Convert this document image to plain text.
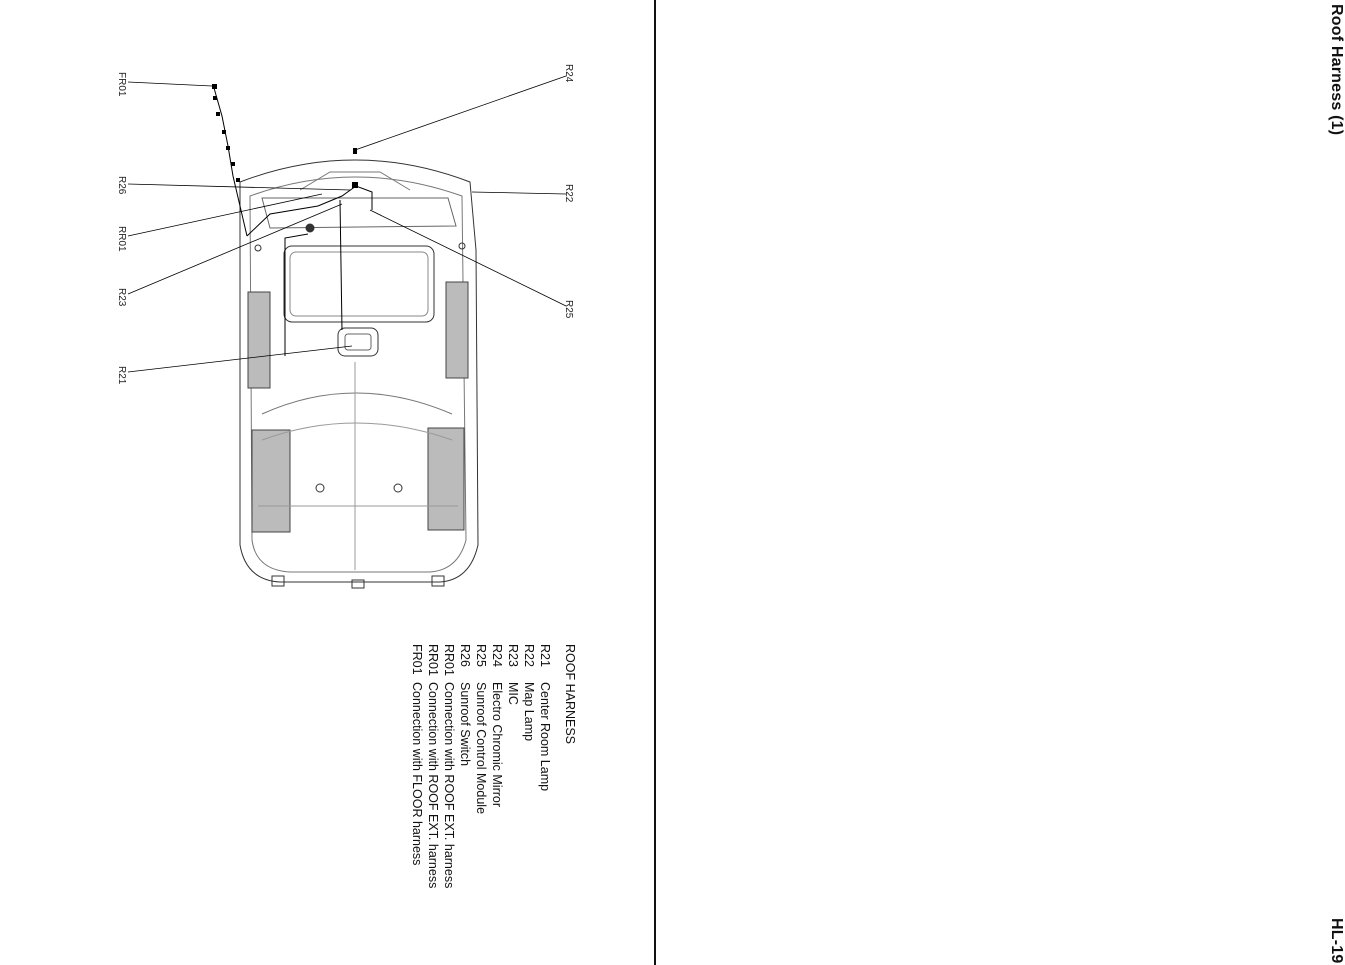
Roof Harness (1)
HL-19
FR01
R26
RR01
R23
R21
R24
R22
R25
ROOF HARNESS
R21
Center Room Lamp
R22
Map Lamp
R23
MIC
R24
Electro Chromic Mirror
R25
Sunroof Control Module
R26
Sunroof Switch
RR01
Connection with ROOF EXT. harness
RR01
Connection with ROOF EXT. harness
FR01
Connection with FLOOR harness
